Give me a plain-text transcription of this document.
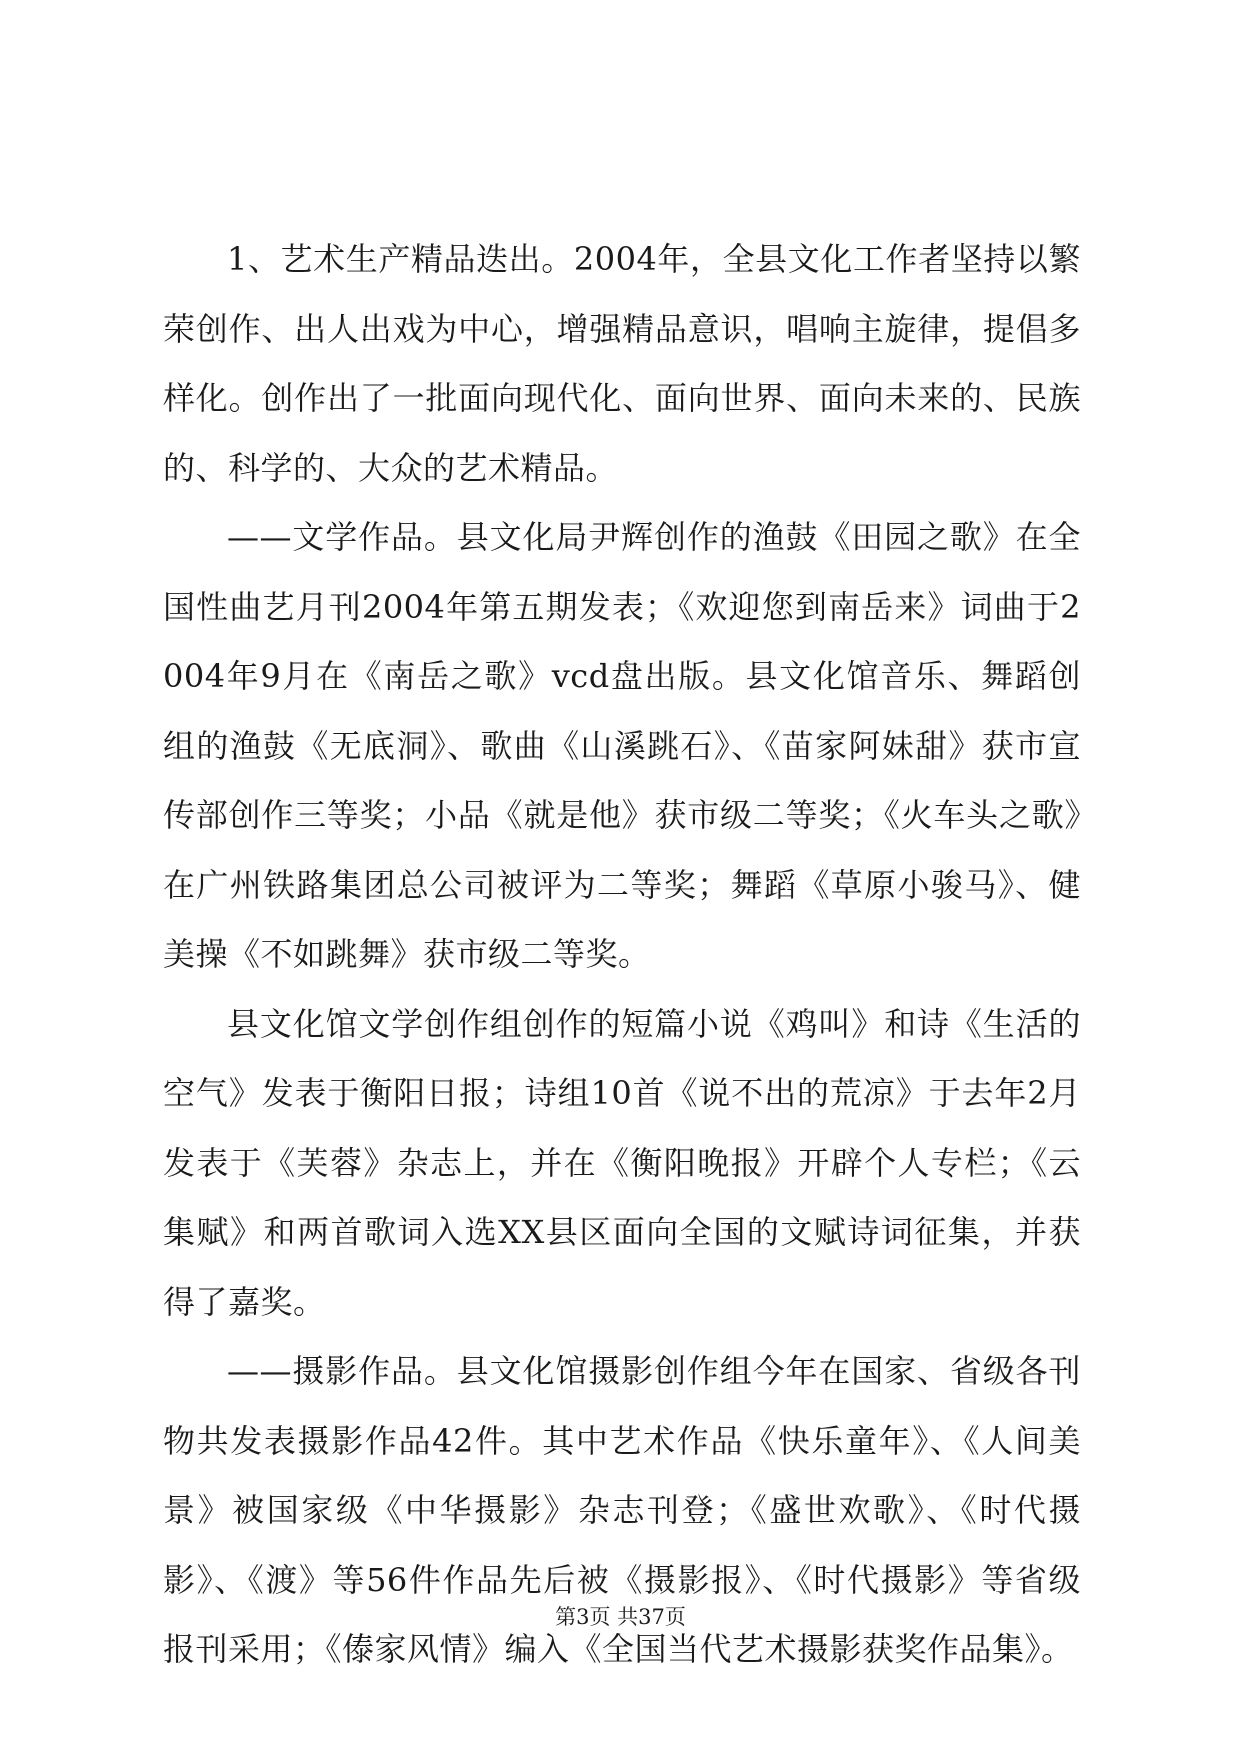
1、艺术生产精品迭出。2004年，全县文化工作者坚持以繁荣创作、出人出戏为中心，增强精品意识，唱响主旋律，提倡多样化。创作出了一批面向现代化、面向世界、面向未来的、民族的、科学的、大众的艺术精品。

——文学作品。县文化局尹辉创作的渔鼓《田园之歌》在全国性曲艺月刊2004年第五期发表；《欢迎您到南岳来》词曲于2004年9月在《南岳之歌》vcd盘出版。县文化馆音乐、舞蹈创组的渔鼓《无底洞》、歌曲《山溪跳石》、《苗家阿妹甜》获市宣传部创作三等奖；小品《就是他》获市级二等奖；《火车头之歌》在广州铁路集团总公司被评为二等奖；舞蹈《草原小骏马》、健美操《不如跳舞》获市级二等奖。

县文化馆文学创作组创作的短篇小说《鸡叫》和诗《生活的空气》发表于衡阳日报；诗组10首《说不出的荒凉》于去年2月发表于《芙蓉》杂志上，并在《衡阳晚报》开辟个人专栏；《云集赋》和两首歌词入选XX县区面向全国的文赋诗词征集，并获得了嘉奖。

——摄影作品。县文化馆摄影创作组今年在国家、省级各刊物共发表摄影作品42件。其中艺术作品《快乐童年》、《人间美景》被国家级《中华摄影》杂志刊登；《盛世欢歌》、《时代摄影》、《渡》等56件作品先后被《摄影报》、《时代摄影》等省级报刊采用；《傣家风情》编入《全国当代艺术摄影获奖作品集》。

第3页 共37页
